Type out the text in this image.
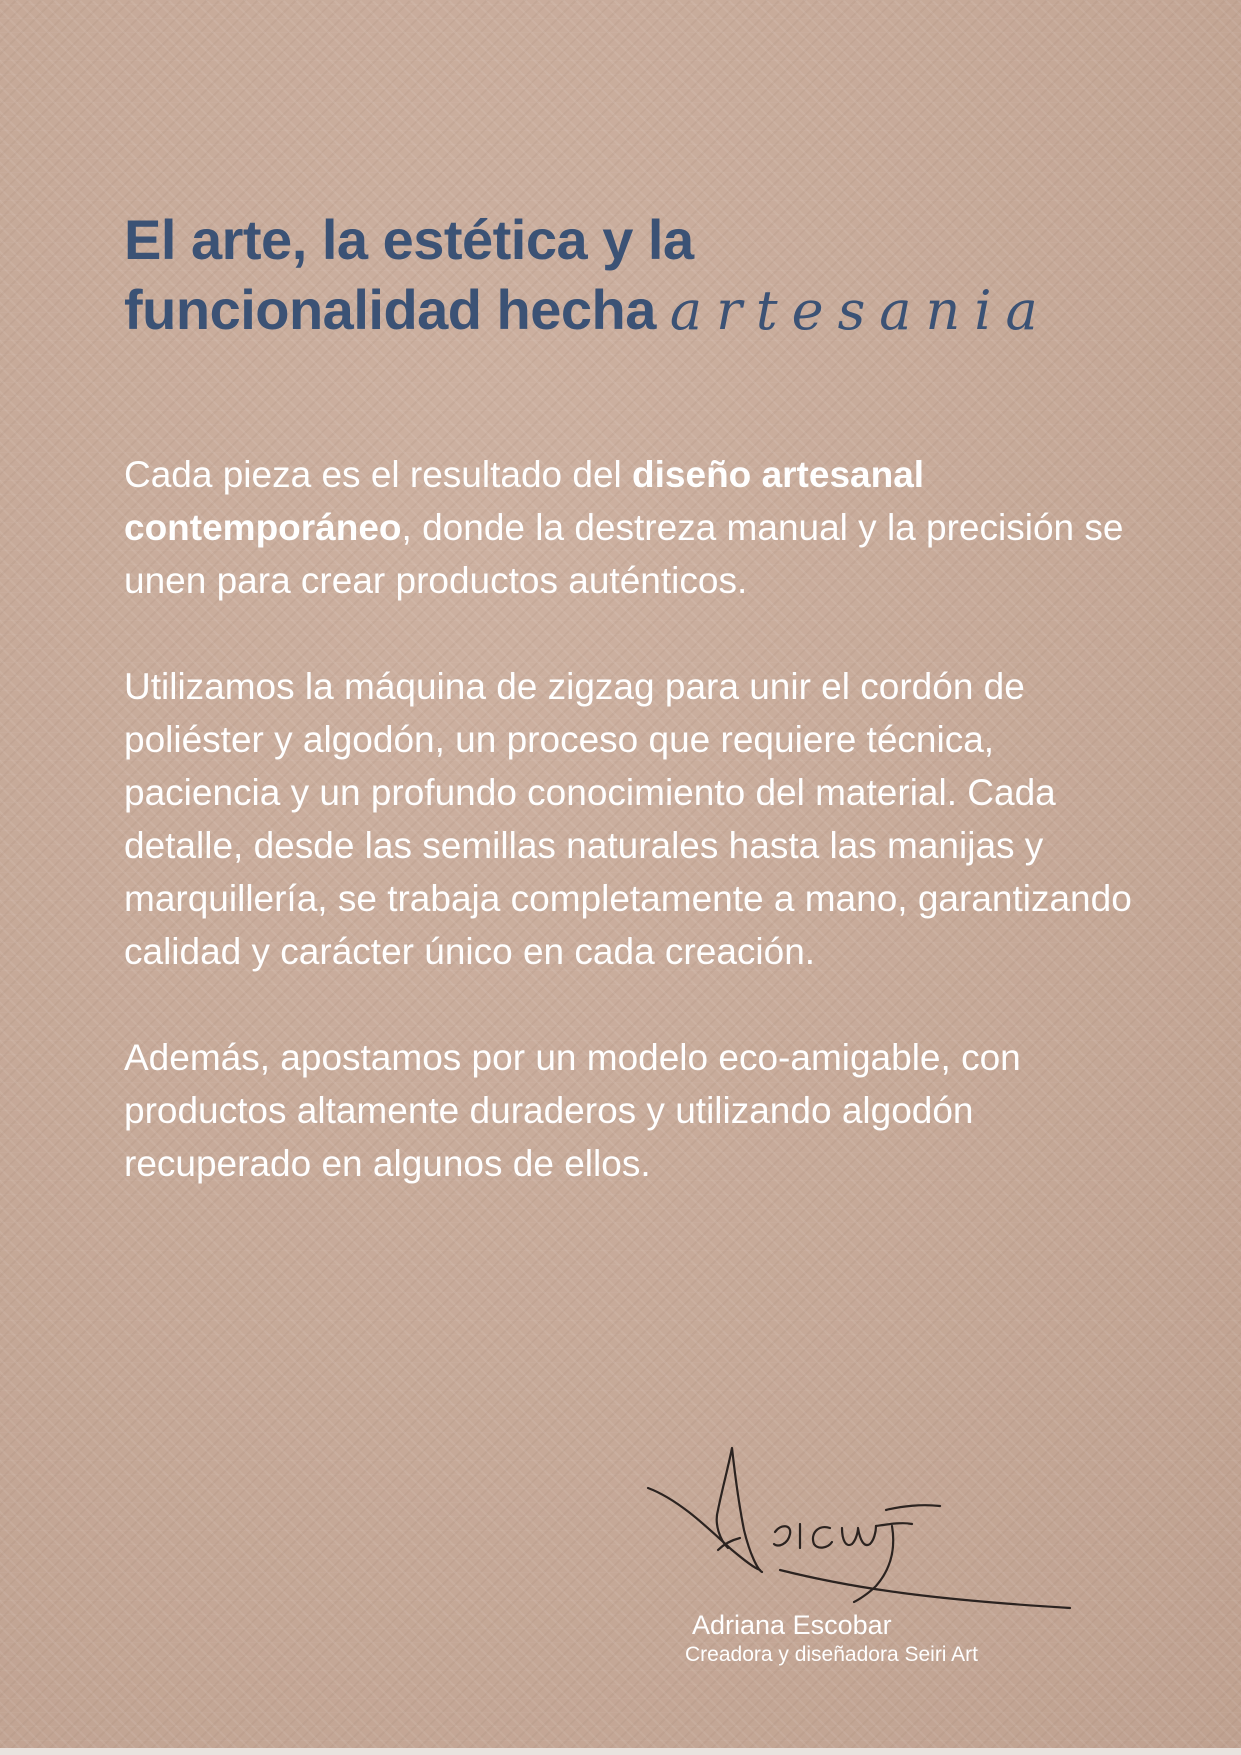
El arte, la estética y la
funcionalidad hecha artesania

Cada pieza es el resultado del diseño artesanal contemporáneo, donde la destreza manual y la precisión se unen para crear productos auténticos.

Utilizamos la máquina de zigzag para unir el cordón de poliéster y algodón, un proceso que requiere técnica, paciencia y un profundo conocimiento del material. Cada detalle, desde las semillas naturales hasta las manijas y marquillería, se trabaja completamente a mano, garantizando calidad y carácter único en cada creación.

Además, apostamos por un modelo eco-amigable, con productos altamente duraderos y utilizando algodón recuperado en algunos de ellos.

Adriana Escobar
Creadora y diseñadora Seiri Art
